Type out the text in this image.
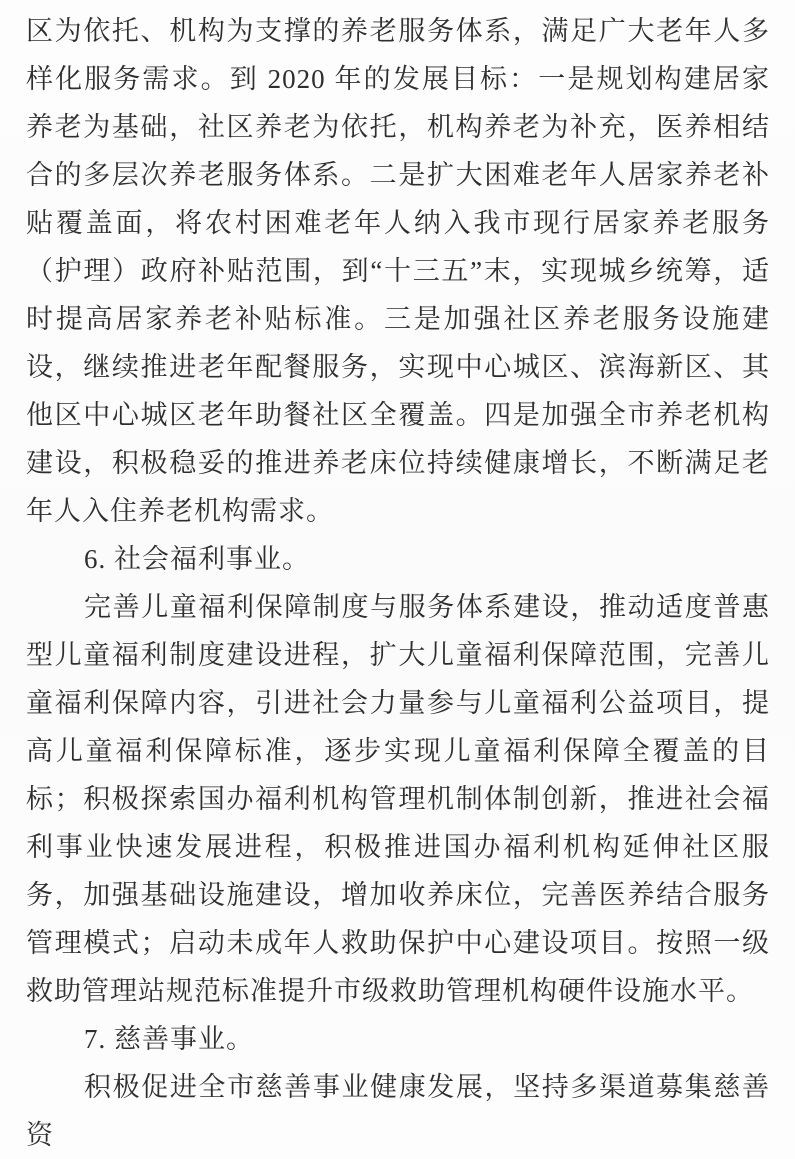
区为依托、机构为支撑的养老服务体系，满足广大老年人多样化服务需求。到 2020 年的发展目标：一是规划构建居家养老为基础，社区养老为依托，机构养老为补充，医养相结合的多层次养老服务体系。二是扩大困难老年人居家养老补贴覆盖面，将农村困难老年人纳入我市现行居家养老服务（护理）政府补贴范围，到“十三五”末，实现城乡统筹，适时提高居家养老补贴标准。三是加强社区养老服务设施建设，继续推进老年配餐服务，实现中心城区、滨海新区、其他区中心城区老年助餐社区全覆盖。四是加强全市养老机构建设，积极稳妥的推进养老床位持续健康增长，不断满足老年人入住养老机构需求。

6. 社会福利事业。

完善儿童福利保障制度与服务体系建设，推动适度普惠型儿童福利制度建设进程，扩大儿童福利保障范围，完善儿童福利保障内容，引进社会力量参与儿童福利公益项目，提高儿童福利保障标准，逐步实现儿童福利保障全覆盖的目标；积极探索国办福利机构管理机制体制创新，推进社会福利事业快速发展进程，积极推进国办福利机构延伸社区服务，加强基础设施建设，增加收养床位，完善医养结合服务管理模式；启动未成年人救助保护中心建设项目。按照一级救助管理站规范标准提升市级救助管理机构硬件设施水平。

7. 慈善事业。

积极促进全市慈善事业健康发展，坚持多渠道募集慈善资
